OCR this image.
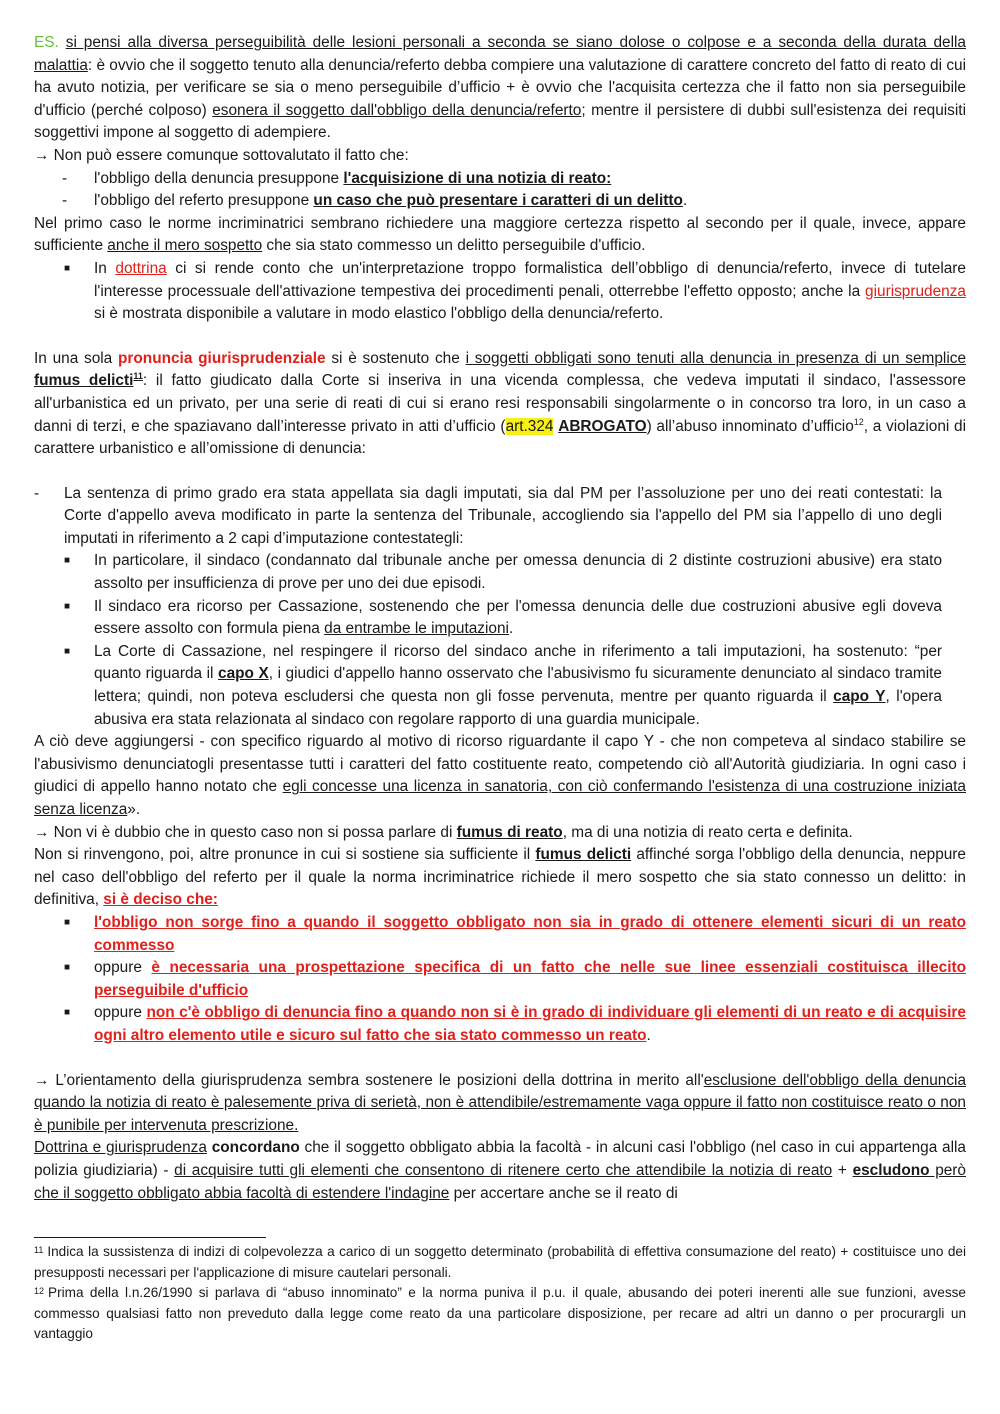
ES. si pensi alla diversa perseguibilità delle lesioni personali a seconda se siano dolose o colpose e a seconda della durata della malattia: è ovvio che il soggetto tenuto alla denuncia/referto debba compiere una valutazione di carattere concreto del fatto di reato di cui ha avuto notizia, per verificare se sia o meno perseguibile d’ufficio + è ovvio che l'acquisita certezza che il fatto non sia perseguibile d'ufficio (perché colposo) esonera il soggetto dall'obbligo della denuncia/referto; mentre il persistere di dubbi sull'esistenza dei requisiti soggettivi impone al soggetto di adempiere.

→ Non può essere comunque sottovalutato il fatto che:

- l'obbligo della denuncia presuppone l'acquisizione di una notizia di reato:
- l'obbligo del referto presuppone un caso che può presentare i caratteri di un delitto.

Nel primo caso le norme incriminatrici sembrano richiedere una maggiore certezza rispetto al secondo per il quale, invece, appare sufficiente anche il mero sospetto che sia stato commesso un delitto perseguibile d'ufficio.

■ In dottrina ci si rende conto che un'interpretazione troppo formalistica dell’obbligo di denuncia/referto, invece di tutelare l'interesse processuale dell'attivazione tempestiva dei procedimenti penali, otterrebbe l'effetto opposto; anche la giurisprudenza si è mostrata disponibile a valutare in modo elastico l'obbligo della denuncia/referto.

In una sola pronuncia giurisprudenziale si è sostenuto che i soggetti obbligati sono tenuti alla denuncia in presenza di un semplice fumus delicti$^{11}$: il fatto giudicato dalla Corte si inseriva in una vicenda complessa, che vedeva imputati il sindaco, l'assessore all'urbanistica ed un privato, per una serie di reati di cui si erano resi responsabili singolarmente o in concorso tra loro, in un caso a danni di terzi, e che spaziavano dall’interesse privato in atti d’ufficio (art.324 ABROGATO) all’abuso innominato d’ufficio$^{12}$, a violazioni di carattere urbanistico e all’omissione di denuncia:

- La sentenza di primo grado era stata appellata sia dagli imputati, sia dal PM per l’assoluzione per uno dei reati contestati: la Corte d'appello aveva modificato in parte la sentenza del Tribunale, accogliendo sia l'appello del PM sia l’appello di uno degli imputati in riferimento a 2 capi d’imputazione contestategli:

■ In particolare, il sindaco (condannato dal tribunale anche per omessa denuncia di 2 distinte costruzioni abusive) era stato assolto per insufficienza di prove per uno dei due episodi.

■ Il sindaco era ricorso per Cassazione, sostenendo che per l'omessa denuncia delle due costruzioni abusive egli doveva essere assolto con formula piena da entrambe le imputazioni.

■ La Corte di Cassazione, nel respingere il ricorso del sindaco anche in riferimento a tali imputazioni, ha sostenuto: “per quanto riguarda il capo X, i giudici d'appello hanno osservato che l'abusivismo fu sicuramente denunciato al sindaco tramite lettera; quindi, non poteva escludersi che questa non gli fosse pervenuta, mentre per quanto riguarda il capo Y, l'opera abusiva era stata relazionata al sindaco con regolare rapporto di una guardia municipale.

A ciò deve aggiungersi - con specifico riguardo al motivo di ricorso riguardante il capo Y - che non competeva al sindaco stabilire se l'abusivismo denunciatogli presentasse tutti i caratteri del fatto costituente reato, competendo ciò all'Autorità giudiziaria. In ogni caso i giudici di appello hanno notato che egli concesse una licenza in sanatoria, con ciò confermando l'esistenza di una costruzione iniziata senza licenza».

→ Non vi è dubbio che in questo caso non si possa parlare di fumus di reato, ma di una notizia di reato certa e definita.

Non si rinvengono, poi, altre pronunce in cui si sostiene sia sufficiente il fumus delicti affinché sorga l'obbligo della denuncia, neppure nel caso dell'obbligo del referto per il quale la norma incriminatrice richiede il mero sospetto che sia stato connesso un delitto: in definitiva, si è deciso che:

■ l'obbligo non sorge fino a quando il soggetto obbligato non sia in grado di ottenere elementi sicuri di un reato commesso

■ oppure è necessaria una prospettazione specifica di un fatto che nelle sue linee essenziali costituisca illecito perseguibile d'ufficio

■ oppure non c'è obbligo di denuncia fino a quando non si è in grado di individuare gli elementi di un reato e di acquisire ogni altro elemento utile e sicuro sul fatto che sia stato commesso un reato.

→ L’orientamento della giurisprudenza sembra sostenere le posizioni della dottrina in merito all'esclusione dell'obbligo della denuncia quando la notizia di reato è palesemente priva di serietà, non è attendibile/estremamente vaga oppure il fatto non costituisce reato o non è punibile per intervenuta prescrizione.

Dottrina e giurisprudenza concordano che il soggetto obbligato abbia la facoltà - in alcuni casi l'obbligo (nel caso in cui appartenga alla polizia giudiziaria) - di acquisire tutti gli elementi che consentono di ritenere certo che attendibile la notizia di reato + escludono però che il soggetto obbligato abbia facoltà di estendere l'indagine per accertare anche se il reato di

$^{11}$ Indica la sussistenza di indizi di colpevolezza a carico di un soggetto determinato (probabilità di effettiva consumazione del reato) + costituisce uno dei presupposti necessari per l'applicazione di misure cautelari personali.

$^{12}$ Prima della l.n.26/1990 si parlava di “abuso innominato” e la norma puniva il p.u. il quale, abusando dei poteri inerenti alle sue funzioni, avesse commesso qualsiasi fatto non preveduto dalla legge come reato da una particolare disposizione, per recare ad altri un danno o per procurargli un vantaggio
